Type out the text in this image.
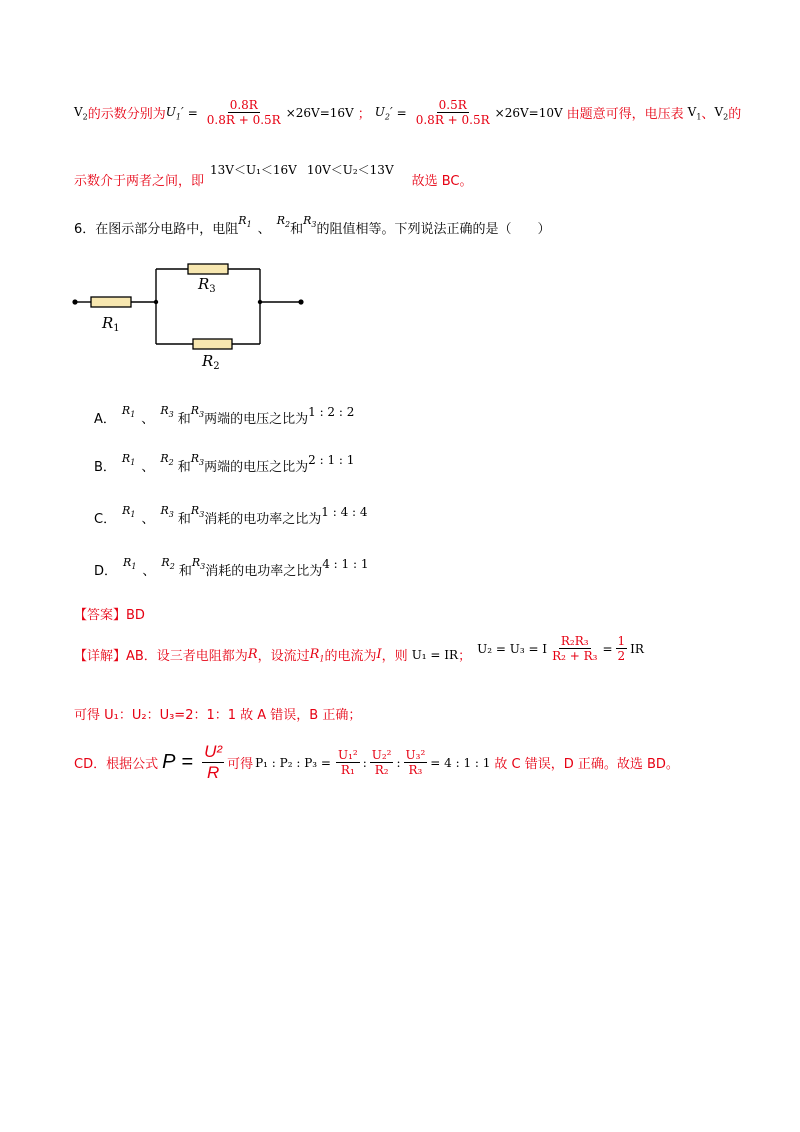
$V_2$ 的示数分别为 $U_1' = \frac{0.8R}{0.8R + 0.5R} \times 26V=16V$ ； $U_2' = \frac{0.5R}{0.8R + 0.5R} \times 26V=10V$ 由题意可得，电压表 $V_1$ 、 $V_2$ 的
示数介于两者之间，即
13V＜U₁＜16V 10V＜U₂＜13V
故选 BC。
6．在图示部分电路中，电阻
$R_1$ 、
$R_2$ 和
$R_3$ 的阻值相等。下列说法正确的是（　　）
$R_3$
$R_1$
$R_2$
A．
$R_1$ 、
$R_3$ 和
$R_3$ 两端的电压之比为
1 : 2 : 2
B．
$R_1$ 、
$R_2$ 和
$R_3$ 两端的电压之比为
2 : 1 : 1
C．
$R_1$ 、
$R_3$ 和
$R_3$ 消耗的电功率之比为
1 : 4 : 4
D．
$R_1$ 、
$R_2$ 和
$R_3$ 消耗的电功率之比为
4 : 1 : 1
【答案】BD
【详解】AB．设三者电阻都为 R ，设流过 $R_1$ 的电流为 I ，则 U₁ = IR ；
U₂ = U₃ = I $\frac{\text{R₂R₃}}{\text{R₂ + R₃}} = \frac{1}{2}$ IR
可得 U₁：U₂：U₃=2：1：1 故 A 错误，B 正确；
CD．根据公式 $P = \frac{\text{U²}}{R}$ 可得 P₁ : P₂ : $P_3 = \frac{\text{U₁²}}{\text{R₁}}$ : $\frac{\text{U₂²}}{\text{R₂}}$ : $\frac{\text{U₃²}}{\text{R₃}} = 4$ : 1 : 1 故 C 错误，D 正确。故选 BD。
